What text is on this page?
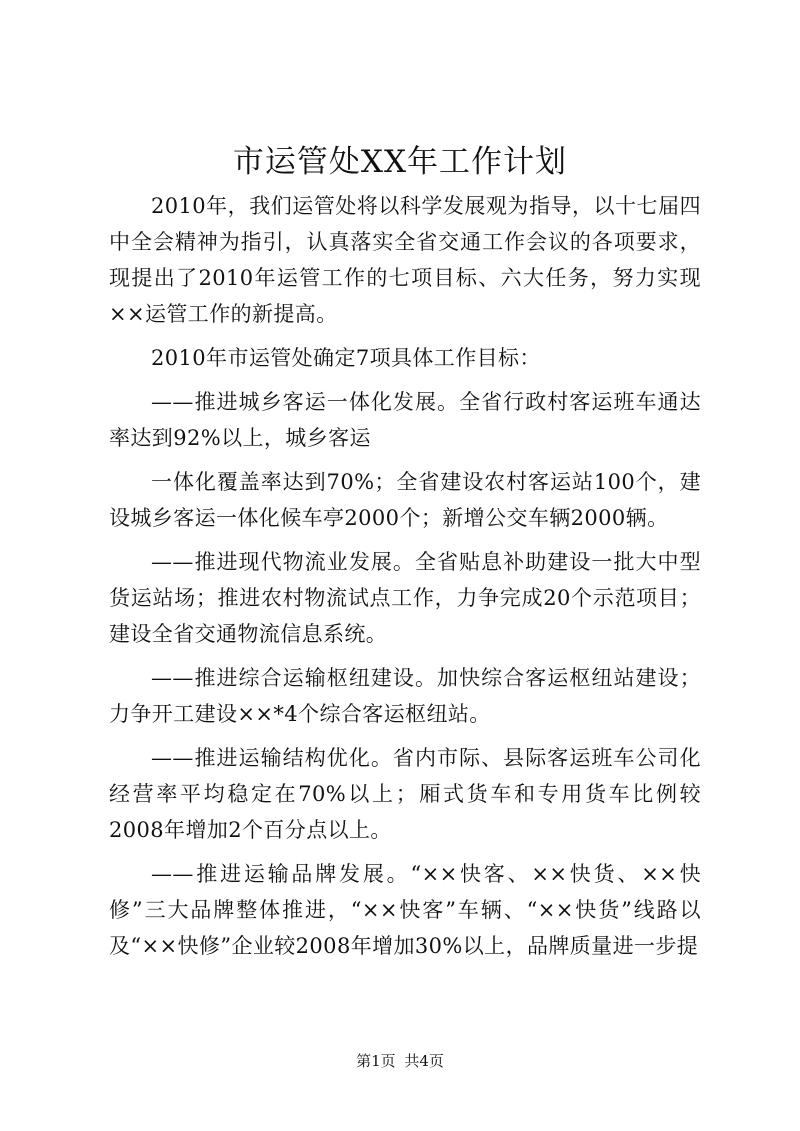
市运管处XX年工作计划

2010年，我们运管处将以科学发展观为指导，以十七届四中全会精神为指引，认真落实全省交通工作会议的各项要求，现提出了2010年运管工作的七项目标、六大任务，努力实现××运管工作的新提高。

2010年市运管处确定7项具体工作目标：

——推进城乡客运一体化发展。全省行政村客运班车通达率达到92%以上，城乡客运

一体化覆盖率达到70%；全省建设农村客运站100个，建设城乡客运一体化候车亭2000个；新增公交车辆2000辆。

——推进现代物流业发展。全省贴息补助建设一批大中型货运站场；推进农村物流试点工作，力争完成20个示范项目；建设全省交通物流信息系统。

——推进综合运输枢纽建设。加快综合客运枢纽站建设；力争开工建设××*4个综合客运枢纽站。

——推进运输结构优化。省内市际、县际客运班车公司化经营率平均稳定在70%以上；厢式货车和专用货车比例较2008年增加2个百分点以上。

——推进运输品牌发展。“××快客、××快货、××快修”三大品牌整体推进，“××快客”车辆、“××快货”线路以及“××快修”企业较2008年增加30%以上，品牌质量进一步提

第1页 共4页
